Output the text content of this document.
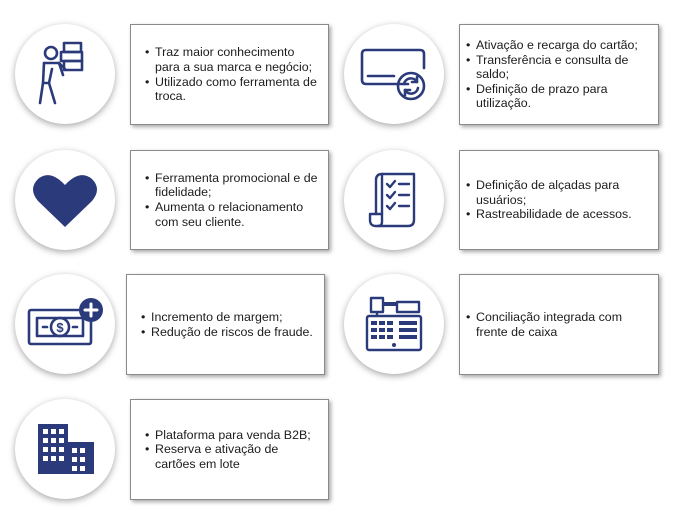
• Traz maior conhecimento para a sua marca e negócio;
• Utilizado como ferramenta de troca.
• Ativação e recarga do cartão;
• Transferência e consulta de saldo;
• Definição de prazo para utilização.
• Ferramenta promocional e de fidelidade;
• Aumenta o relacionamento com seu cliente.
• Definição de alçadas para usuários;
• Rastreabilidade de acessos.
• Incremento de margem;
• Redução de riscos de fraude.
$
• Conciliação integrada com frente de caixa
• Plataforma para venda B2B;
• Reserva e ativação de cartões em lote
